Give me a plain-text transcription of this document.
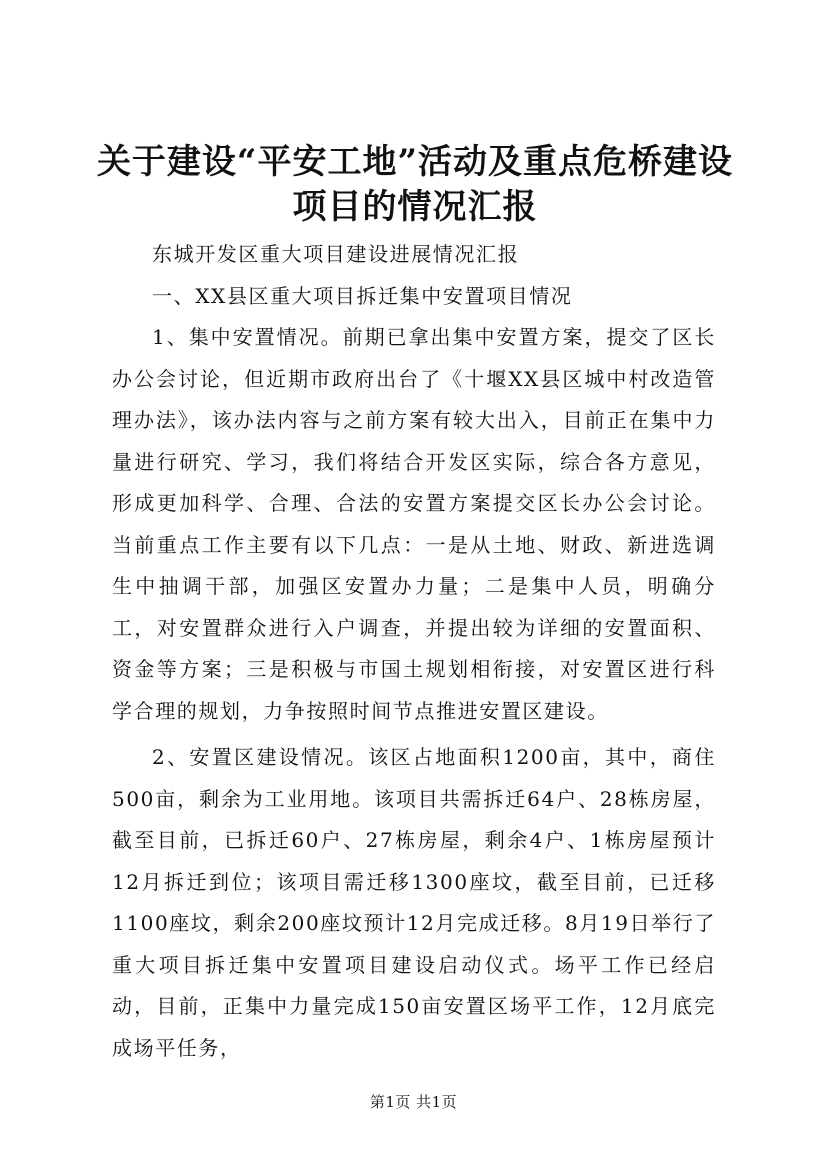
关于建设“平安工地”活动及重点危桥建设项目的情况汇报

东城开发区重大项目建设进展情况汇报

一、XX县区重大项目拆迁集中安置项目情况

1、集中安置情况。前期已拿出集中安置方案，提交了区长办公会讨论，但近期市政府出台了《十堰XX县区城中村改造管理办法》，该办法内容与之前方案有较大出入，目前正在集中力量进行研究、学习，我们将结合开发区实际，综合各方意见，形成更加科学、合理、合法的安置方案提交区长办公会讨论。当前重点工作主要有以下几点：一是从土地、财政、新进选调生中抽调干部，加强区安置办力量；二是集中人员，明确分工，对安置群众进行入户调查，并提出较为详细的安置面积、资金等方案；三是积极与市国土规划相衔接，对安置区进行科学合理的规划，力争按照时间节点推进安置区建设。

2、安置区建设情况。该区占地面积1200亩，其中，商住500亩，剩余为工业用地。该项目共需拆迁64户、28栋房屋，截至目前，已拆迁60户、27栋房屋，剩余4户、1栋房屋预计12月拆迁到位；该项目需迁移1300座坟，截至目前，已迁移1100座坟，剩余200座坟预计12月完成迁移。8月19日举行了重大项目拆迁集中安置项目建设启动仪式。场平工作已经启动，目前，正集中力量完成150亩安置区场平工作，12月底完成场平任务，

第1页 共1页
